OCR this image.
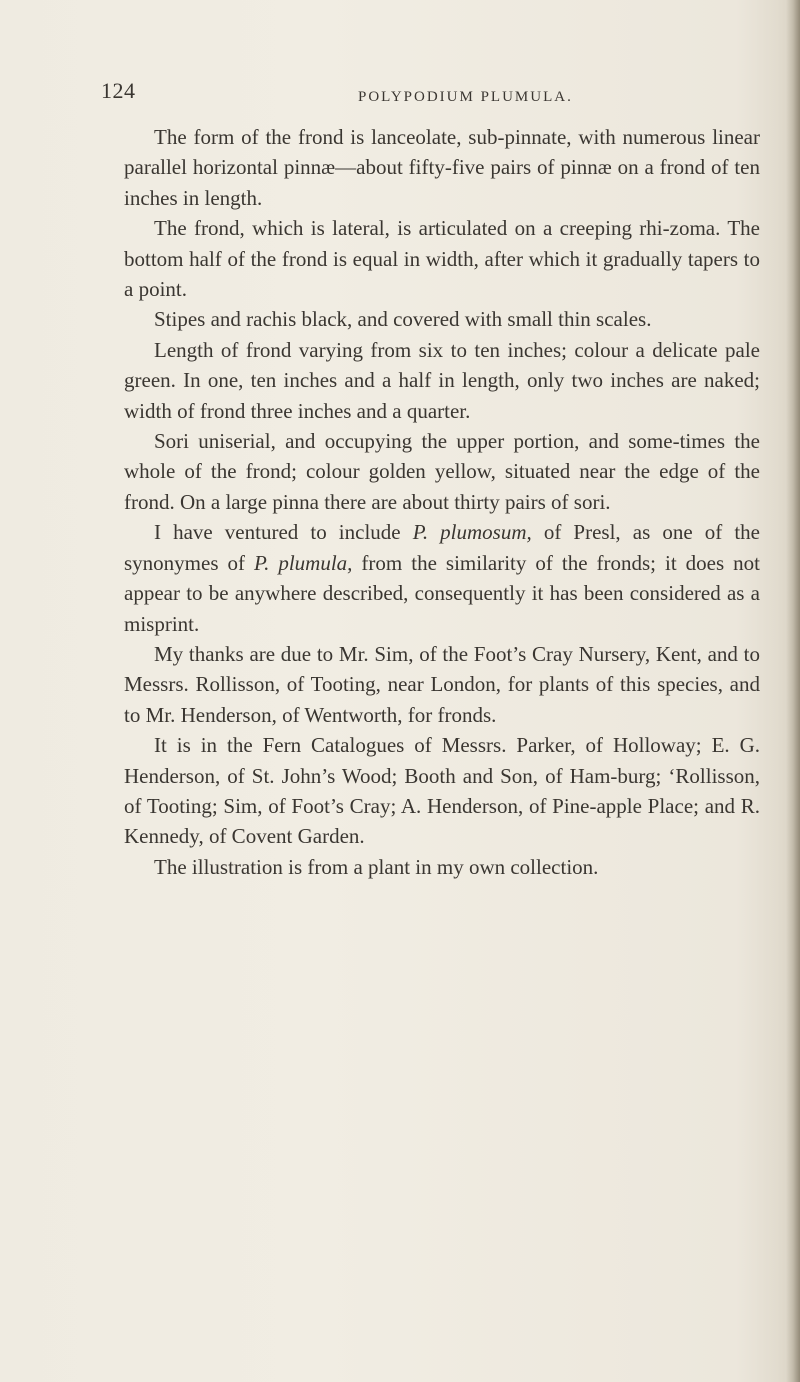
124	POLYPODIUM PLUMULA.

The form of the frond is lanceolate, sub-pinnate, with numerous linear parallel horizontal pinnæ—about fifty-five pairs of pinnæ on a frond of ten inches in length.

The frond, which is lateral, is articulated on a creeping rhi-zoma. The bottom half of the frond is equal in width, after which it gradually tapers to a point.

Stipes and rachis black, and covered with small thin scales.

Length of frond varying from six to ten inches; colour a delicate pale green. In one, ten inches and a half in length, only two inches are naked; width of frond three inches and a quarter.

Sori uniserial, and occupying the upper portion, and some-times the whole of the frond; colour golden yellow, situated near the edge of the frond. On a large pinna there are about thirty pairs of sori.

I have ventured to include P. plumosum, of Presl, as one of the synonymes of P. plumula, from the similarity of the fronds; it does not appear to be anywhere described, consequently it has been considered as a misprint.

My thanks are due to Mr. Sim, of the Foot’s Cray Nursery, Kent, and to Messrs. Rollisson, of Tooting, near London, for plants of this species, and to Mr. Henderson, of Wentworth, for fronds.

It is in the Fern Catalogues of Messrs. Parker, of Holloway; E. G. Henderson, of St. John’s Wood; Booth and Son, of Ham-burg; ‘Rollisson, of Tooting; Sim, of Foot’s Cray; A. Henderson, of Pine-apple Place; and R. Kennedy, of Covent Garden.

The illustration is from a plant in my own collection.
